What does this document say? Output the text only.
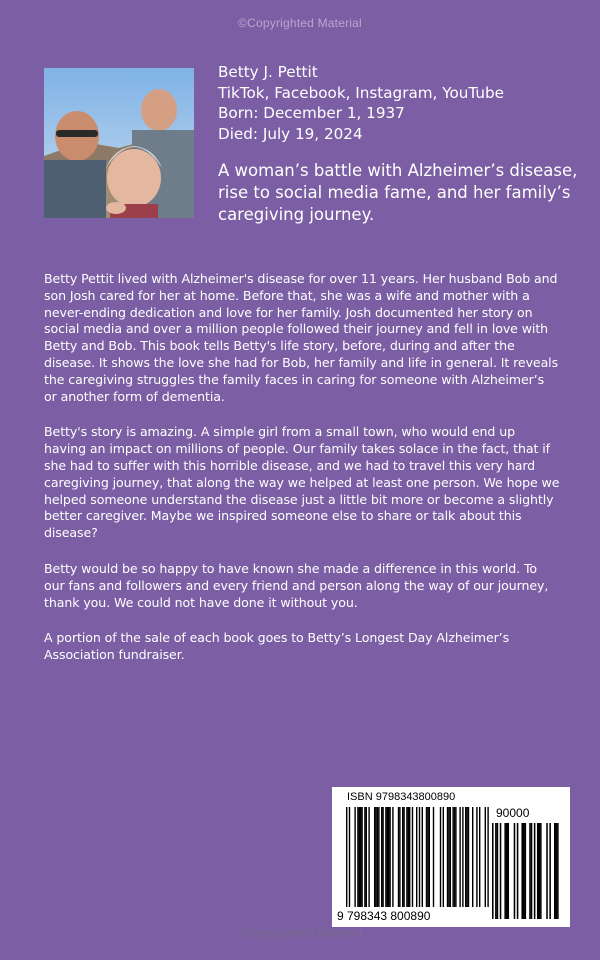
©Copyrighted Material
Betty J. Pettit
TikTok, Facebook, Instagram, YouTube
Born: December 1, 1937
Died: July 19, 2024
A woman’s battle with Alzheimer’s disease, rise to social media fame, and her family’s caregiving journey.

Betty Pettit lived with Alzheimer's disease for over 11 years. Her husband Bob and son Josh cared for her at home. Before that, she was a wife and mother with a never-ending dedication and love for her family. Josh documented her story on social media and over a million people followed their journey and fell in love with Betty and Bob. This book tells Betty's life story, before, during and after the disease. It shows the love she had for Bob, her family and life in general. It reveals the caregiving struggles the family faces in caring for someone with Alzheimer’s or another form of dementia.

Betty's story is amazing. A simple girl from a small town, who would end up having an impact on millions of people. Our family takes solace in the fact, that if she had to suffer with this horrible disease, and we had to travel this very hard caregiving journey, that along the way we helped at least one person. We hope we helped someone understand the disease just a little bit more or become a slightly better caregiver. Maybe we inspired someone else to share or talk about this disease?

Betty would be so happy to have known she made a difference in this world. To our fans and followers and every friend and person along the way of our journey, thank you. We could not have done it without you.

A portion of the sale of each book goes to Betty’s Longest Day Alzheimer’s Association fundraiser.

ISBN 9798343800890
90000
9 798343 800890
©Copyrighted Material
